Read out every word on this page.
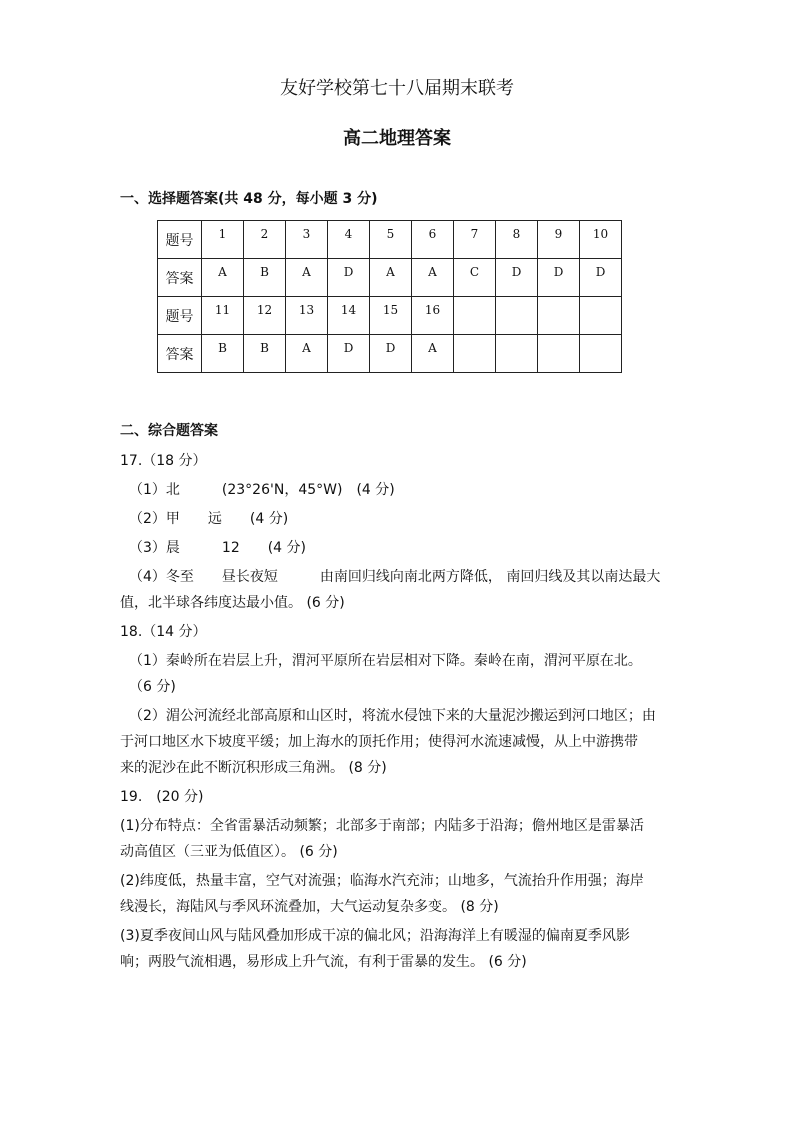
友好学校第七十八届期末联考
高二地理答案
一、选择题答案(共 48 分，每小题 3 分)
题号	1	2	3	4	5	6	7	8	9	10
答案	A	B	A	D	A	A	C	D	D	D
题号	11	12	13	14	15	16				
答案	B	B	A	D	D	A				
二、综合题答案
17.（18 分）
（1）北　　　(23°26'N，45°W)　(4 分)
（2）甲　　远　　(4 分)
（3）晨　　　12　　(4 分)
（4）冬至　　昼长夜短　　　由南回归线向南北两方降低， 南回归线及其以南达最大
值，北半球各纬度达最小值。 (6 分)
18.（14 分）
（1）秦岭所在岩层上升，渭河平原所在岩层相对下降。秦岭在南，渭河平原在北。
（6 分)
（2）湄公河流经北部高原和山区时，将流水侵蚀下来的大量泥沙搬运到河口地区；由
于河口地区水下坡度平缓；加上海水的顶托作用；使得河水流速减慢，从上中游携带
来的泥沙在此不断沉积形成三角洲。 (8 分)
19.　(20 分)
(1)分布特点：全省雷暴活动频繁；北部多于南部；内陆多于沿海；儋州地区是雷暴活
动高值区（三亚为低值区）。 (6 分)
(2)纬度低，热量丰富，空气对流强；临海水汽充沛；山地多，气流抬升作用强；海岸
线漫长，海陆风与季风环流叠加，大气运动复杂多变。 (8 分)
(3)夏季夜间山风与陆风叠加形成干凉的偏北风；沿海海洋上有暖湿的偏南夏季风影
响；两股气流相遇，易形成上升气流，有利于雷暴的发生。 (6 分)
